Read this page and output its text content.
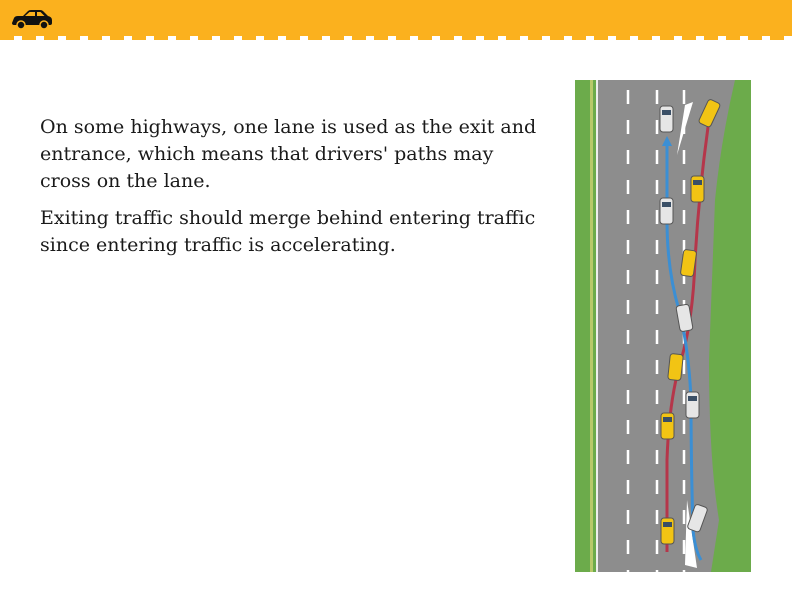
On some highways, one lane is used as the exit and entrance, which means that drivers' paths may cross on the lane.

Exiting traffic should merge behind entering traffic since entering traffic is accelerating.
